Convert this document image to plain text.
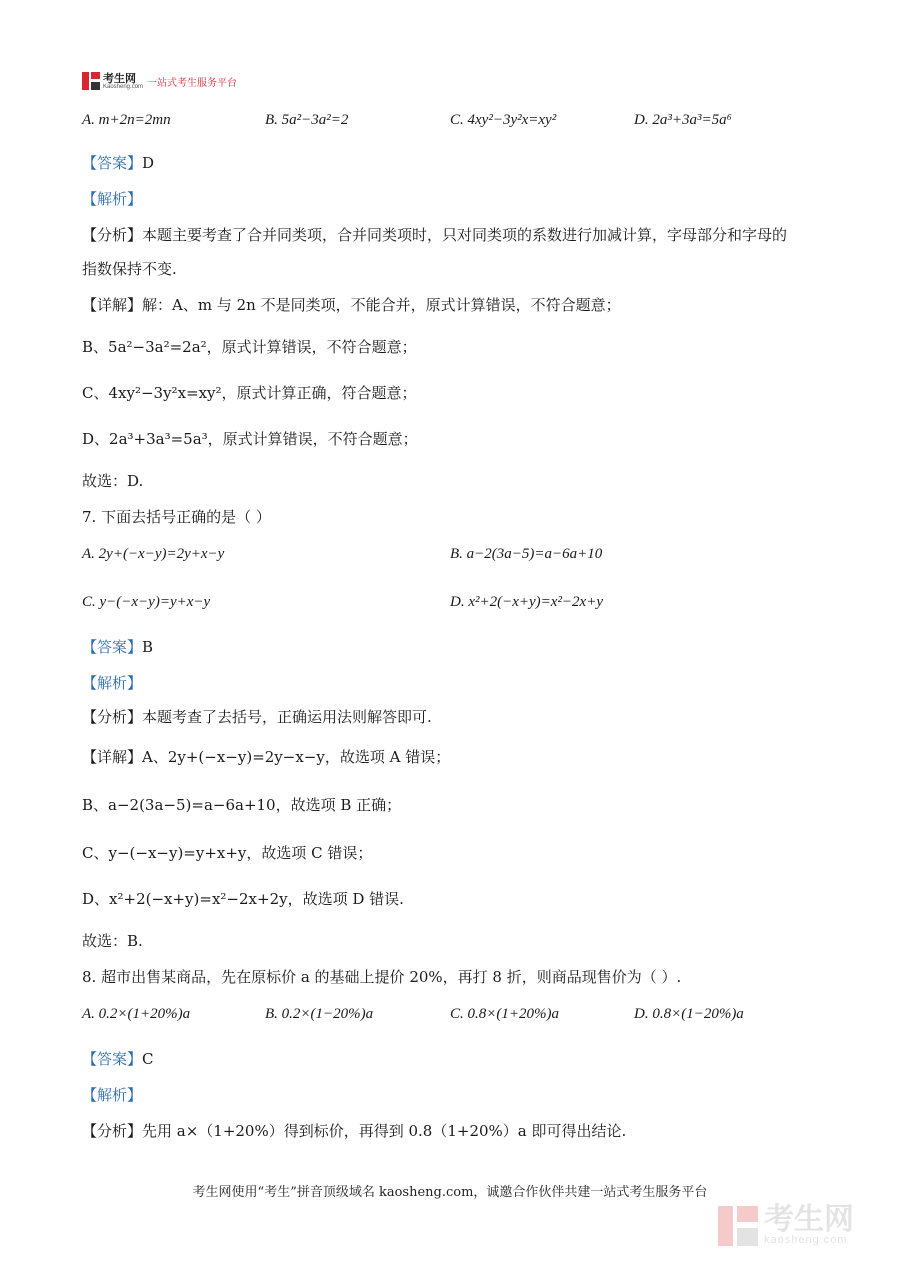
考生网
Kaosheng.com 一站式考生服务平台
A. m+2n=2mn	B. 5a²−3a²=2	C. 4xy²−3y²x=xy²	D. 2a³+3a³=5a⁶
【答案】D
【解析】
【分析】本题主要考查了合并同类项，合并同类项时，只对同类项的系数进行加减计算，字母部分和字母的
指数保持不变.
【详解】解：A、m 与 2n 不是同类项，不能合并，原式计算错误，不符合题意；
B、5a²−3a²=2a²，原式计算错误，不符合题意；
C、4xy²−3y²x=xy²，原式计算正确，符合题意；
D、2a³+3a³=5a³，原式计算错误，不符合题意；
故选：D.
7. 下面去括号正确的是（ ）
A. 2y+(−x−y)=2y+x−y	B. a−2(3a−5)=a−6a+10
C. y−(−x−y)=y+x−y	D. x²+2(−x+y)=x²−2x+y
【答案】B
【解析】
【分析】本题考查了去括号，正确运用法则解答即可.
【详解】A、2y+(−x−y)=2y−x−y，故选项 A 错误；
B、a−2(3a−5)=a−6a+10，故选项 B 正确；
C、y−(−x−y)=y+x+y，故选项 C 错误；
D、x²+2(−x+y)=x²−2x+2y，故选项 D 错误.
故选：B.
8. 超市出售某商品，先在原标价 a 的基础上提价 20%，再打 8 折，则商品现售价为（ ）.
A. 0.2×(1+20%)a	B. 0.2×(1−20%)a	C. 0.8×(1+20%)a	D. 0.8×(1−20%)a
【答案】C
【解析】
【分析】先用 a×（1+20%）得到标价，再得到 0.8（1+20%）a 即可得出结论.
考生网使用“考生”拼音顶级域名 kaosheng.com，诚邀合作伙伴共建一站式考生服务平台
考生网
kaosheng.com
